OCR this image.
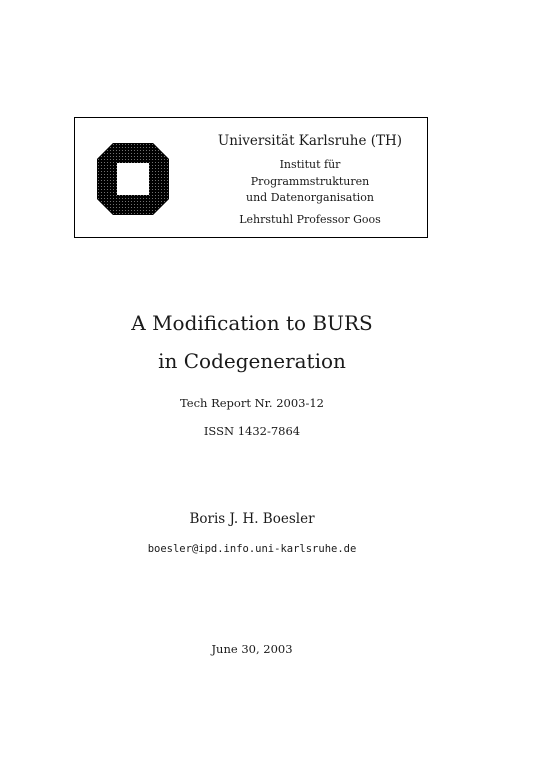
Universität Karlsruhe (TH)
Institut für
Programmstrukturen
und Datenorganisation
Lehrstuhl Professor Goos
A Modification to BURS
in Codegeneration
Tech Report Nr. 2003-12
ISSN 1432-7864
Boris J. H. Boesler
boesler@ipd.info.uni-karlsruhe.de
June 30, 2003
